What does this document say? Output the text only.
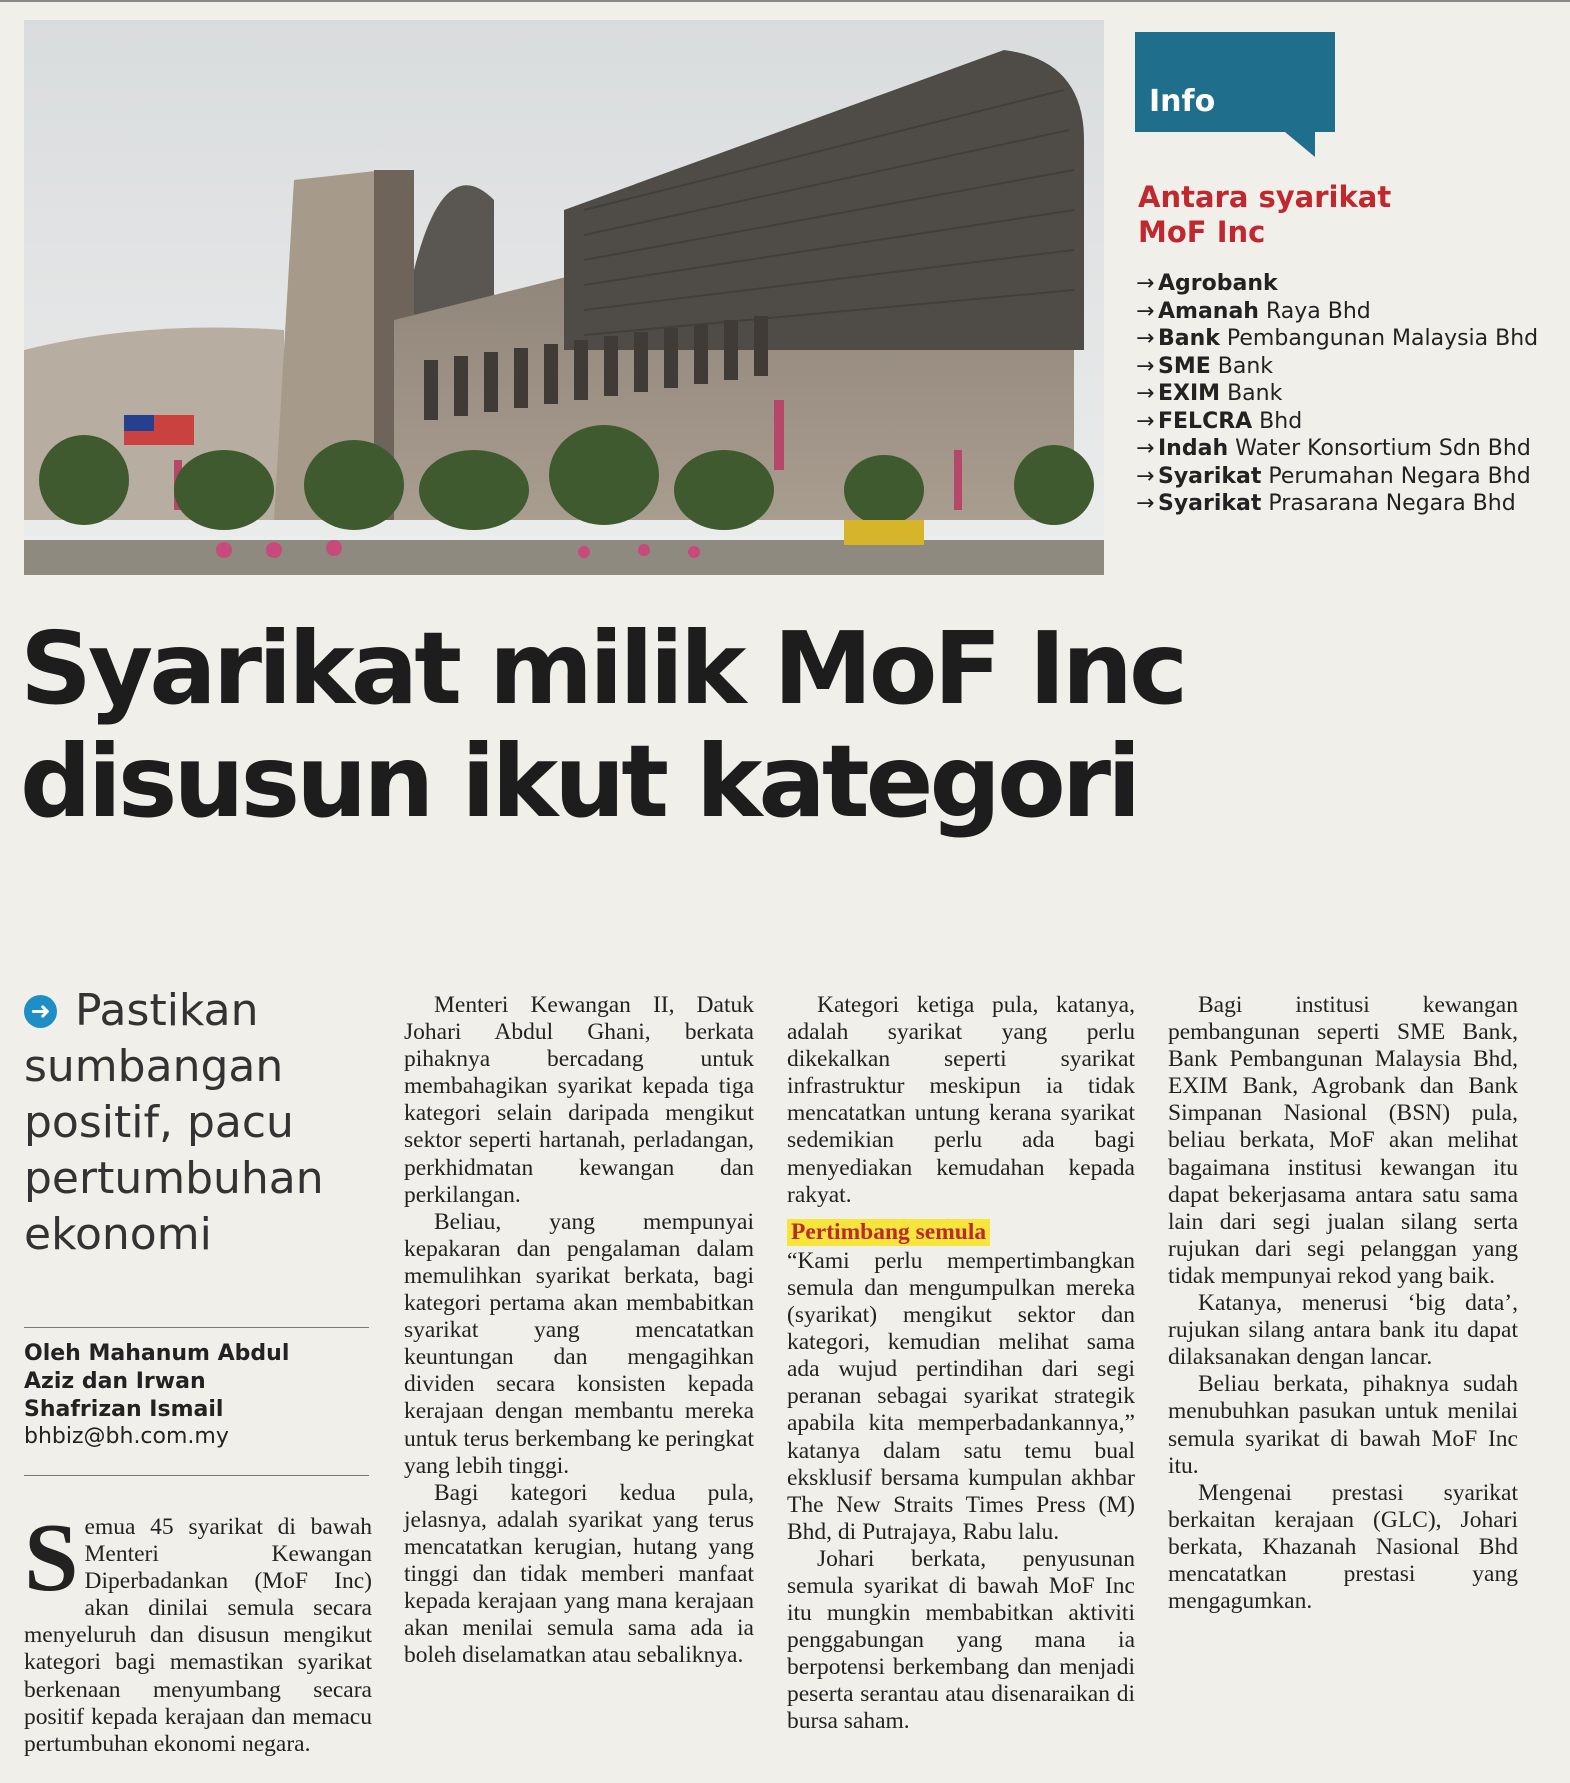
Info
Antara syarikat
MoF Inc
→ Agrobank
→ Amanah Raya Bhd
→ Bank Pembangunan Malaysia Bhd
→ SME Bank
→ EXIM Bank
→ FELCRA Bhd
→ Indah Water Konsortium Sdn Bhd
→ Syarikat Perumahan Negara Bhd
→ Syarikat Prasarana Negara Bhd
Syarikat milik MoF Inc
disusun ikut kategori
➜ Pastikan sumbangan positif, pacu pertumbuhan ekonomi
Oleh Mahanum Abdul
Aziz dan Irwan
Shafrizan Ismail
bhbiz@bh.com.my

Semua 45 syarikat di bawah Menteri Kewangan Diperbadankan (MoF Inc) akan dinilai semula secara menyeluruh dan disusun mengikut kategori bagi memastikan syarikat berkenaan menyumbang secara positif kepada kerajaan dan memacu pertumbuhan ekonomi negara.

Menteri Kewangan II, Datuk Johari Abdul Ghani, berkata pihaknya bercadang untuk membahagikan syarikat kepada tiga kategori selain daripada mengikut sektor seperti hartanah, perladangan, perkhidmatan kewangan dan perkilangan.

Beliau, yang mempunyai kepakaran dan pengalaman dalam memulihkan syarikat berkata, bagi kategori pertama akan membabitkan syarikat yang mencatatkan keuntungan dan mengagihkan dividen secara konsisten kepada kerajaan dengan membantu mereka untuk terus berkembang ke peringkat yang lebih tinggi.

Bagi kategori kedua pula, jelasnya, adalah syarikat yang terus mencatatkan kerugian, hutang yang tinggi dan tidak memberi manfaat kepada kerajaan yang mana kerajaan akan menilai semula sama ada ia boleh diselamatkan atau sebaliknya.

Kategori ketiga pula, katanya, adalah syarikat yang perlu dikekalkan seperti syarikat infrastruktur meskipun ia tidak mencatatkan untung kerana syarikat sedemikian perlu ada bagi menyediakan kemudahan kepada rakyat.

Pertimbang semula

“Kami perlu mempertimbangkan semula dan mengumpulkan mereka (syarikat) mengikut sektor dan kategori, kemudian melihat sama ada wujud pertindihan dari segi peranan sebagai syarikat strategik apabila kita memperbadankannya,” katanya dalam satu temu bual eksklusif bersama kumpulan akhbar The New Straits Times Press (M) Bhd, di Putrajaya, Rabu lalu.

Johari berkata, penyusunan semula syarikat di bawah MoF Inc itu mungkin membabitkan aktiviti penggabungan yang mana ia berpotensi berkembang dan menjadi peserta serantau atau disenaraikan di bursa saham.

Bagi institusi kewangan pembangunan seperti SME Bank, Bank Pembangunan Malaysia Bhd, EXIM Bank, Agrobank dan Bank Simpanan Nasional (BSN) pula, beliau berkata, MoF akan melihat bagaimana institusi kewangan itu dapat bekerjasama antara satu sama lain dari segi jualan silang serta rujukan dari segi pelanggan yang tidak mempunyai rekod yang baik.

Katanya, menerusi ‘big data’, rujukan silang antara bank itu dapat dilaksanakan dengan lancar.

Beliau berkata, pihaknya sudah menubuhkan pasukan untuk menilai semula syarikat di bawah MoF Inc itu.

Mengenai prestasi syarikat berkaitan kerajaan (GLC), Johari berkata, Khazanah Nasional Bhd mencatatkan prestasi yang mengagumkan.
